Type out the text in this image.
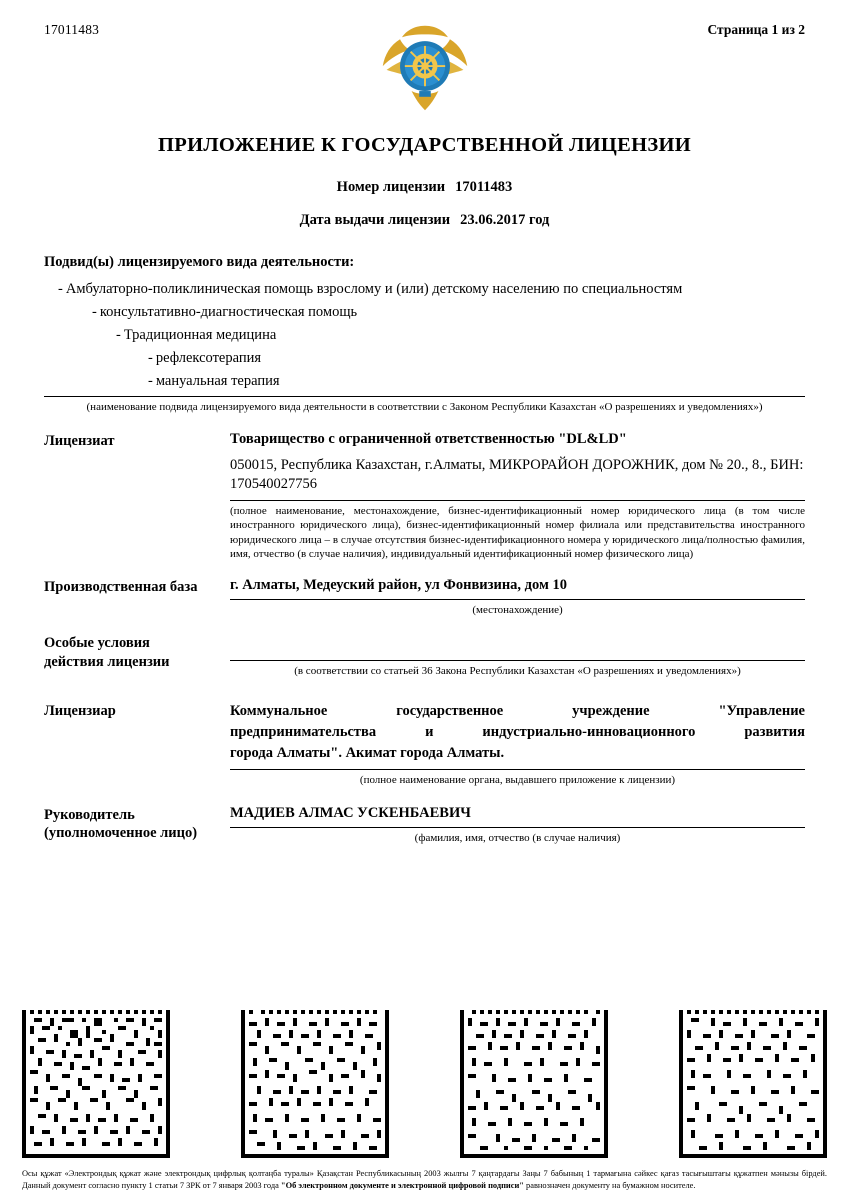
17011483	Страница 1 из 2
ПРИЛОЖЕНИЕ К ГОСУДАРСТВЕННОЙ ЛИЦЕНЗИИ
Номер лицензии 17011483
Дата выдачи лицензии 23.06.2017 год
Подвид(ы) лицензируемого вида деятельности:
- Амбулаторно-поликлиническая помощь взрослому и (или) детскому населению по специальностям
- консультативно-диагностическая помощь
- Традиционная медицина
- рефлексотерапия
- мануальная терапия
(наименование подвида лицензируемого вида деятельности в соответствии с Законом Республики Казахстан «О разрешениях и уведомлениях»)
Лицензиат	Товарищество с ограниченной ответственностью "DL&LD"
050015, Республика Казахстан, г.Алматы, МИКРОРАЙОН ДОРОЖНИК, дом № 20., 8., БИН: 170540027756
(полное наименование, местонахождение, бизнес-идентификационный номер юридического лица (в том числе иностранного юридического лица), бизнес-идентификационный номер филиала или представительства иностранного юридического лица – в случае отсутствия бизнес-идентификационного номера у юридического лица/полностью фамилия, имя, отчество (в случае наличия), индивидуальный идентификационный номер физического лица)
Производственная база	г. Алматы, Медеуский район, ул Фонвизина, дом 10
(местонахождение)
Особые условия
действия лицензии
(в соответствии со статьей 36 Закона Республики Казахстан «О разрешениях и уведомлениях»)
Лицензиар	Коммунальное государственное учреждение "Управление
предпринимательства и индустриально-инновационного развития
города Алматы". Акимат города Алматы.
(полное наименование органа, выдавшего приложение к лицензии)
Руководитель
(уполномоченное лицо)
МАДИЕВ АЛМАС УСКЕНБАЕВИЧ
(фамилия, имя, отчество (в случае наличия)
Осы құжат «Электрондық құжат және электрондық цифрлық қолтаңба туралы» Қазақстан Республикасының 2003 жылғы 7 қаңтардағы Заңы 7 бабының 1 тармағына сәйкес қағаз тасығыштағы құжатпен мәнызы бірдей. Данный документ согласно пункту 1 статьи 7 ЗРК от 7 января 2003 года "Об электронном документе и электронной цифровой подписи" равнозначен документу на бумажном носителе.
